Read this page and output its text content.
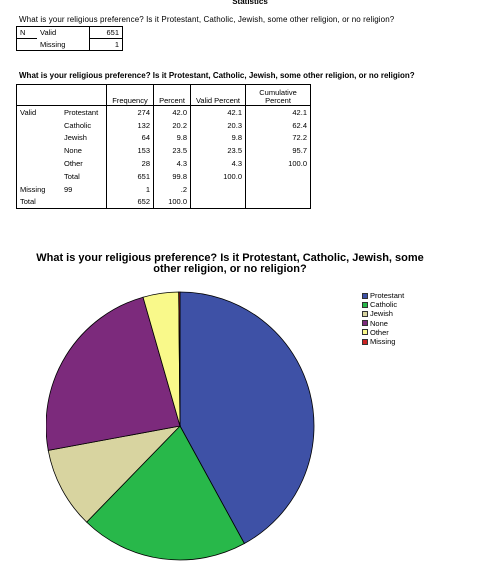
Statistics
What is your religious preference? Is it Protestant, Catholic, Jewish, some other religion, or no religion?
N	Valid	651
	Missing	1
What is your religious preference? Is it Protestant, Catholic, Jewish, some other religion, or no religion?
		Frequency	Percent	Valid Percent	Cumulative Percent
Valid	Protestant	274	42.0	42.1	42.1
	Catholic	132	20.2	20.3	62.4
	Jewish	64	9.8	9.8	72.2
	None	153	23.5	23.5	95.7
	Other	28	4.3	4.3	100.0
	Total	651	99.8	100.0	
Missing	99	1	.2		
Total		652	100.0		
What is your religious preference? Is it Protestant, Catholic, Jewish, some
other religion, or no religion?
Protestant
Catholic
Jewish
None
Other
Missing
